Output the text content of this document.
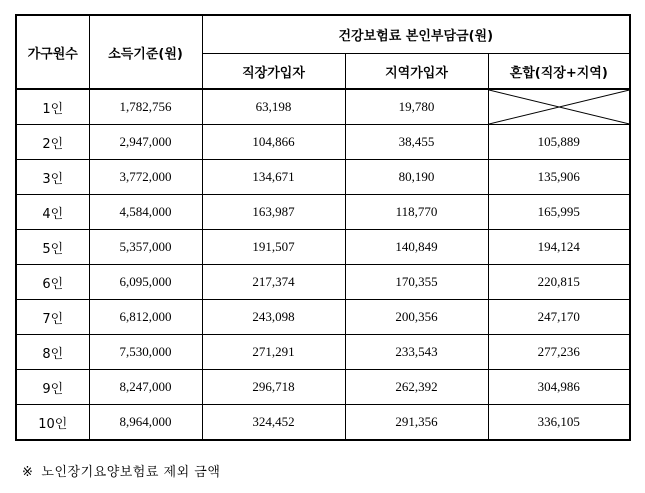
가구원수	소득기준(원)	건강보험료 본인부담금(원)		
		직장가입자	지역가입자	혼합(직장+지역)
1인	1,782,756	63,198	19,780	

2인	2,947,000	104,866	38,455	105,889
3인	3,772,000	134,671	80,190	135,906
4인	4,584,000	163,987	118,770	165,995
5인	5,357,000	191,507	140,849	194,124
6인	6,095,000	217,374	170,355	220,815
7인	6,812,000	243,098	200,356	247,170
8인	7,530,000	271,291	233,543	277,236
9인	8,247,000	296,718	262,392	304,986
10인	8,964,000	324,452	291,356	336,105
※ 노인장기요양보험료 제외 금액
